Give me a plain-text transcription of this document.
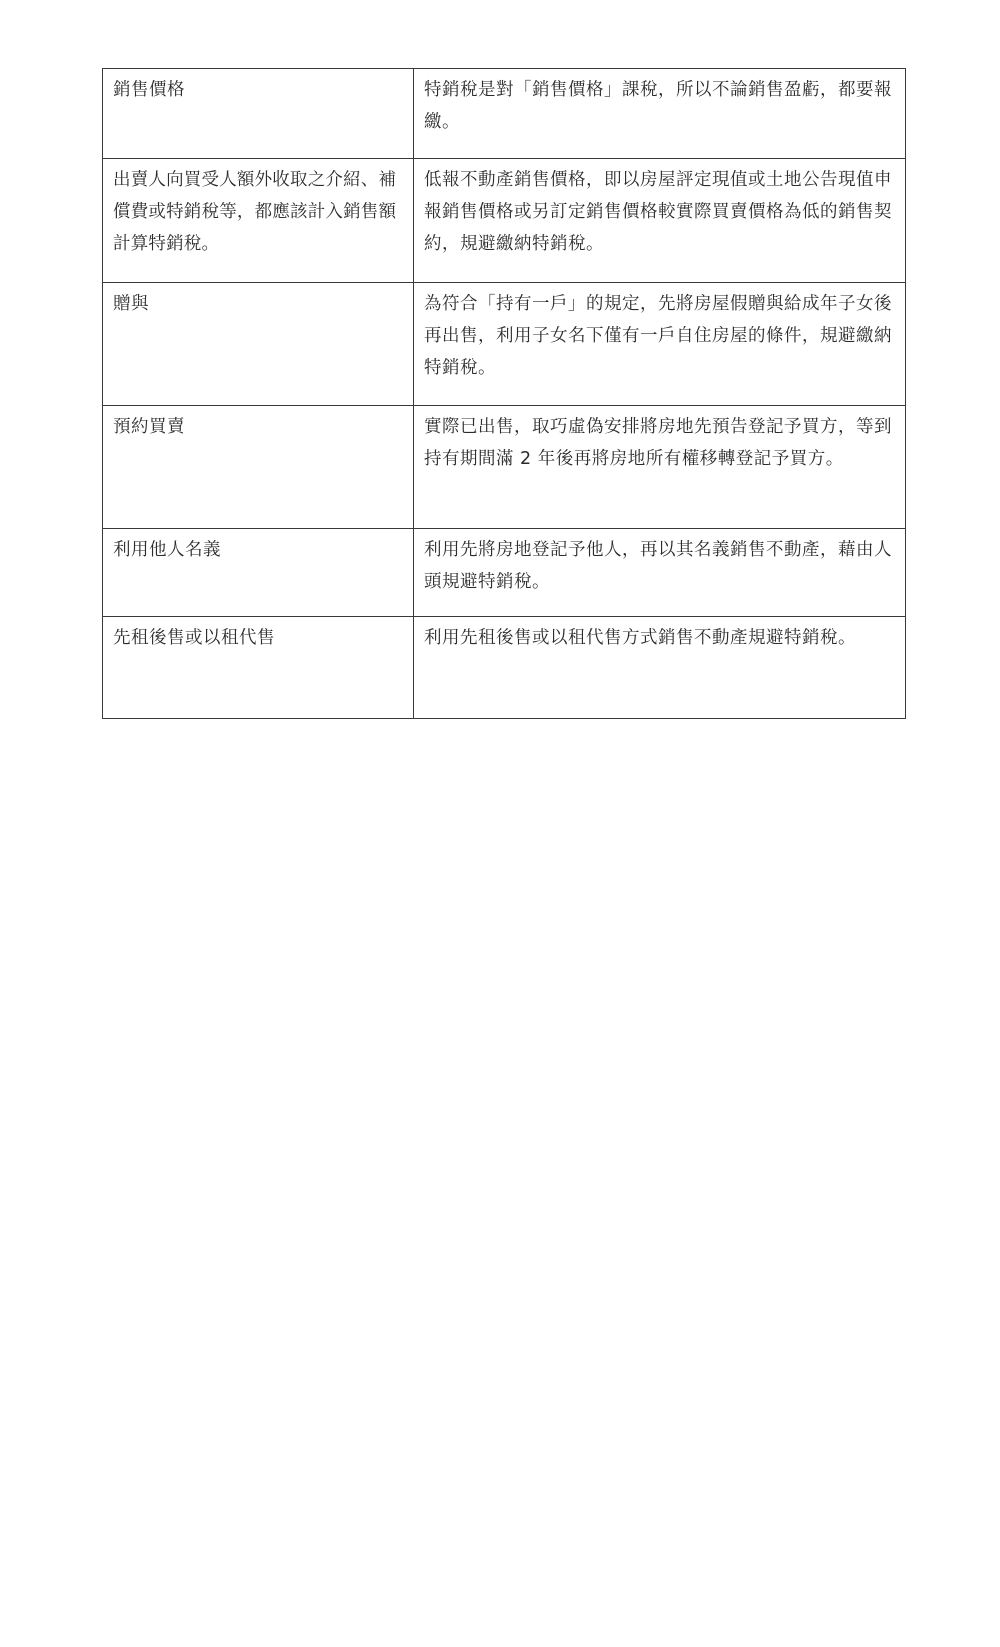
銷售價格	特銷稅是對「銷售價格」課稅，所以不論銷售盈虧，都要報繳。
出賣人向買受人額外收取之介紹、補償費或特銷稅等，都應該計入銷售額計算特銷稅。	低報不動產銷售價格，即以房屋評定現值或土地公告現值申報銷售價格或另訂定銷售價格較實際買賣價格為低的銷售契約，規避繳納特銷稅。
贈與	為符合「持有一戶」的規定，先將房屋假贈與給成年子女後再出售，利用子女名下僅有一戶自住房屋的條件，規避繳納特銷稅。
預約買賣	實際已出售，取巧虛偽安排將房地先預告登記予買方，等到持有期間滿 2 年後再將房地所有權移轉登記予買方。
利用他人名義	利用先將房地登記予他人，再以其名義銷售不動產，藉由人頭規避特銷稅。
先租後售或以租代售	利用先租後售或以租代售方式銷售不動產規避特銷稅。
